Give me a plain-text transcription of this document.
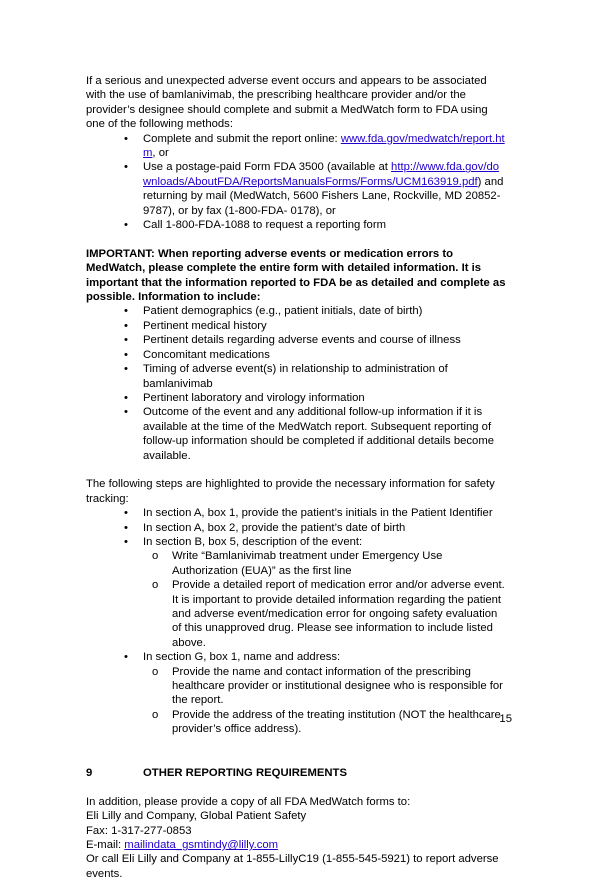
If a serious and unexpected adverse event occurs and appears to be associated with the use of bamlanivimab, the prescribing healthcare provider and/or the provider’s designee should complete and submit a MedWatch form to FDA using one of the following methods:

• Complete and submit the report online: www.fda.gov/medwatch/report.htm, or
• Use a postage-paid Form FDA 3500 (available at http://www.fda.gov/downloads/AboutFDA/ReportsManualsForms/Forms/UCM163919.pdf) and returning by mail (MedWatch, 5600 Fishers Lane, Rockville, MD 20852-9787), or by fax (1-800-FDA- 0178), or
• Call 1-800-FDA-1088 to request a reporting form

IMPORTANT: When reporting adverse events or medication errors to MedWatch, please complete the entire form with detailed information. It is important that the information reported to FDA be as detailed and complete as possible. Information to include:

• Patient demographics (e.g., patient initials, date of birth)
• Pertinent medical history
• Pertinent details regarding adverse events and course of illness
• Concomitant medications
• Timing of adverse event(s) in relationship to administration of bamlanivimab
• Pertinent laboratory and virology information
• Outcome of the event and any additional follow-up information if it is available at the time of the MedWatch report. Subsequent reporting of follow-up information should be completed if additional details become available.

The following steps are highlighted to provide the necessary information for safety tracking:

• In section A, box 1, provide the patient’s initials in the Patient Identifier
• In section A, box 2, provide the patient’s date of birth
• In section B, box 5, description of the event:
o Write “Bamlanivimab treatment under Emergency Use Authorization (EUA)” as the first line
o Provide a detailed report of medication error and/or adverse event. It is important to provide detailed information regarding the patient and adverse event/medication error for ongoing safety evaluation of this unapproved drug. Please see information to include listed above.
• In section G, box 1, name and address:
o Provide the name and contact information of the prescribing healthcare provider or institutional designee who is responsible for the report.
o Provide the address of the treating institution (NOT the healthcare provider’s office address).
9	OTHER REPORTING REQUIREMENTS

In addition, please provide a copy of all FDA MedWatch forms to:

Eli Lilly and Company, Global Patient Safety

Fax: 1-317-277-0853

E-mail: mailindata_gsmtindy@lilly.com

Or call Eli Lilly and Company at 1-855-LillyC19 (1-855-545-5921) to report adverse events.

15
